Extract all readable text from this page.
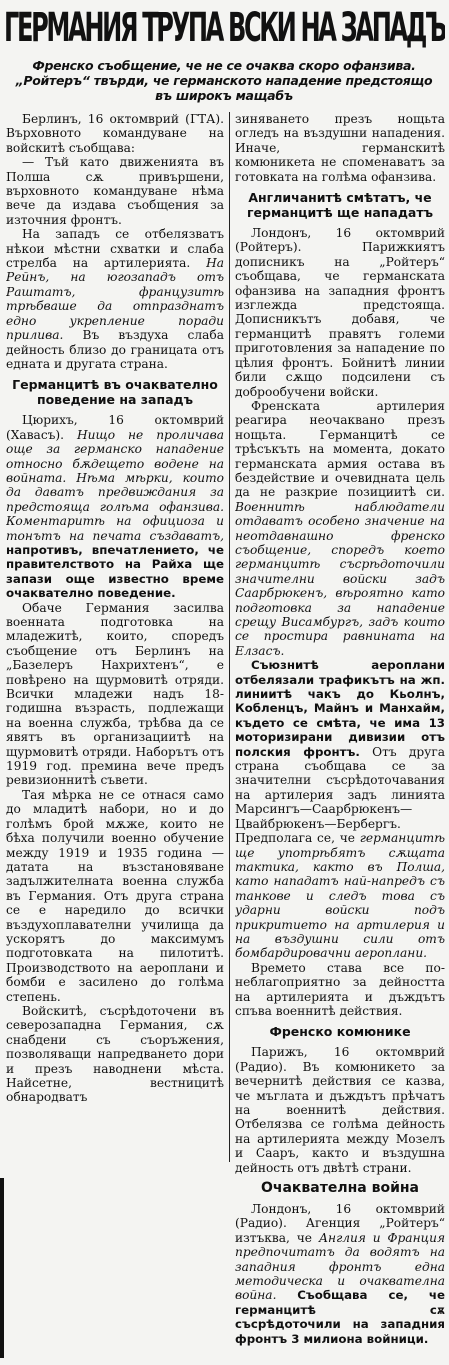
ГЕРМАНИЯ ТРУПА ВСКИ НА ЗАПАДЪ
Френско съобщение, че не се очаква скоро офанзива. „Ройтеръ“ твърди, че германското нападение предстоящо въ широкъ мащабъ

Берлинъ, 16 октомврий (ГТА). Върховното командуване на войскитѣ съобщава:

— Тъй като движенията въ Полша сѫ привършени, върховното командуване нѣма вече да издава съобщения за източния фронтъ.

На западъ се отбелязватъ нѣкои мѣстни схватки и слаба стрелба на артилерията. На Рейнъ, на югозападъ отъ Раштатъ, французитѣ трѣбваше да отпразднатъ едно укрепление поради прилива. Въ въздуха слаба дейность близо до границата отъ едната и другата страна.

Германцитѣ въ очаквателно поведение на западъ

Цюрихъ, 16 октомврий (Хавасъ). Нищо не проличава още за германско нападение относно бѫдещето водене на войната. Нѣма мѣрки, които да даватъ предвиждания за предстояща голѣма офанзива. Коментаритѣ на официоза и тонътъ на печата създаватъ, напротивъ, впечатлението, че правителството на Райха ще запази още известно време очаквателно поведение.

Обаче Германия засилва военната подготовка на младежитѣ, които, споредъ съобщение отъ Берлинъ на „Базелеръ Нахрихтенъ“, е повѣрено на щурмовитѣ отряди. Всички младежи надъ 18-годишна възрасть, подлежащи на военна служба, трѣбва да се явятъ въ организациитѣ на щурмовитѣ отряди. Наборътъ отъ 1919 год. премина вече предъ ревизионнитѣ съвети.

Тая мѣрка не се отнася само до младитѣ набори, но и до голѣмъ брой мѫже, които не бѣха получили военно обучение между 1919 и 1935 година — датата на възстановяване задължителната военна служба въ Германия. Отъ друга страна се е наредило до всички въздухоплавателни училища да ускорятъ до максимумъ подготовката на пилотитѣ. Производството на аероплани и бомби е засилено до голѣма степень.

Войскитѣ, съсрѣдоточени въ северозападна Германия, сѫ снабдени съ съоръжения, позволяващи напредването дори и презъ наводнени мѣста. Найсетне, вестницитѣ обнародватъ

зиняването презъ нощьта огледъ на въздушни нападения. Иначе, германскитѣ комюникета не споменаватъ за готовката на голѣма офанзива.

Англичанитѣ смѣтатъ, че германцитѣ ще нападатъ

Лондонъ, 16 октомврий (Ройтеръ).	Парижкиятъ дописникъ на „Ройтеръ“ съобщава, че германската офанзива на западния фронтъ изглежда предстояща. Дописникътъ добавя, че германцитѣ правятъ големи приготовления за нападение по цѣлия фронтъ. Бойнитѣ линии били сѫщо подсилени съ доброобучени войски.

Френската артилерия реагира неочаквано презъ нощьта. Германцитѣ се трѣсъкъть на момента, докато германската армия остава въ бездействие и очевидната цель да не разкрие позициитѣ си. Военнитѣ наблюдатели отдаватъ особено значение на неотдавнашно френско съобщение, споредъ което германцитѣ съсрѣдоточили значителни войски задъ Саарбрюкенъ, вѣроятно като подготовка за нападение срещу Висамбургъ, задъ които се простира равнината на Елзасъ.

Съюзнитѣ аероплани отбелязали трафикътъ на жп. линиитѣ чакъ до Кьолнъ, Кобленцъ, Майнъ и Манхайм, където се смѣта, че има 13 моторизирани дивизии отъ полския фронтъ. Отъ друга страна съобщава се за значителни съсрѣдоточавания на артилерия задъ линията Марсингъ—Саарбрюкенъ—Цвайбрюкенъ—Бербергъ. Предполага се, че германцитѣ ще употрѣбятъ сѫщата тактика, както въ Полша, като нападатъ най-напредъ съ танкове и следъ това съ ударни войски подъ прикритието на артилерия и на въздушни сили отъ бомбардировачни аероплани.

Времето става все по-неблагоприятно за дейността на артилерията и дъждътъ спъва военнитѣ действия.

Френско комюнике

Парижъ, 16 октомврий (Радио). Въ комюникето за вечернитѣ действия се казва, че мъглата и дъждътъ прѣчатъ на военнитѣ действия. Отбелязва се голѣма дейность на артилерията между Мозелъ и Сааръ, както и въздушна дейность отъ двѣтѣ страни.

Очаквателна война

Лондонъ, 16 октомврий (Радио). Агенция „Ройтеръ“ изтъква, че Англия и Франция предпочитатъ да водятъ на западния фронтъ една методическа и очаквателна война. Съобщава се, че германцитѣ сѫ съсрѣдоточили на западния фронтъ 3 милиона войници.
